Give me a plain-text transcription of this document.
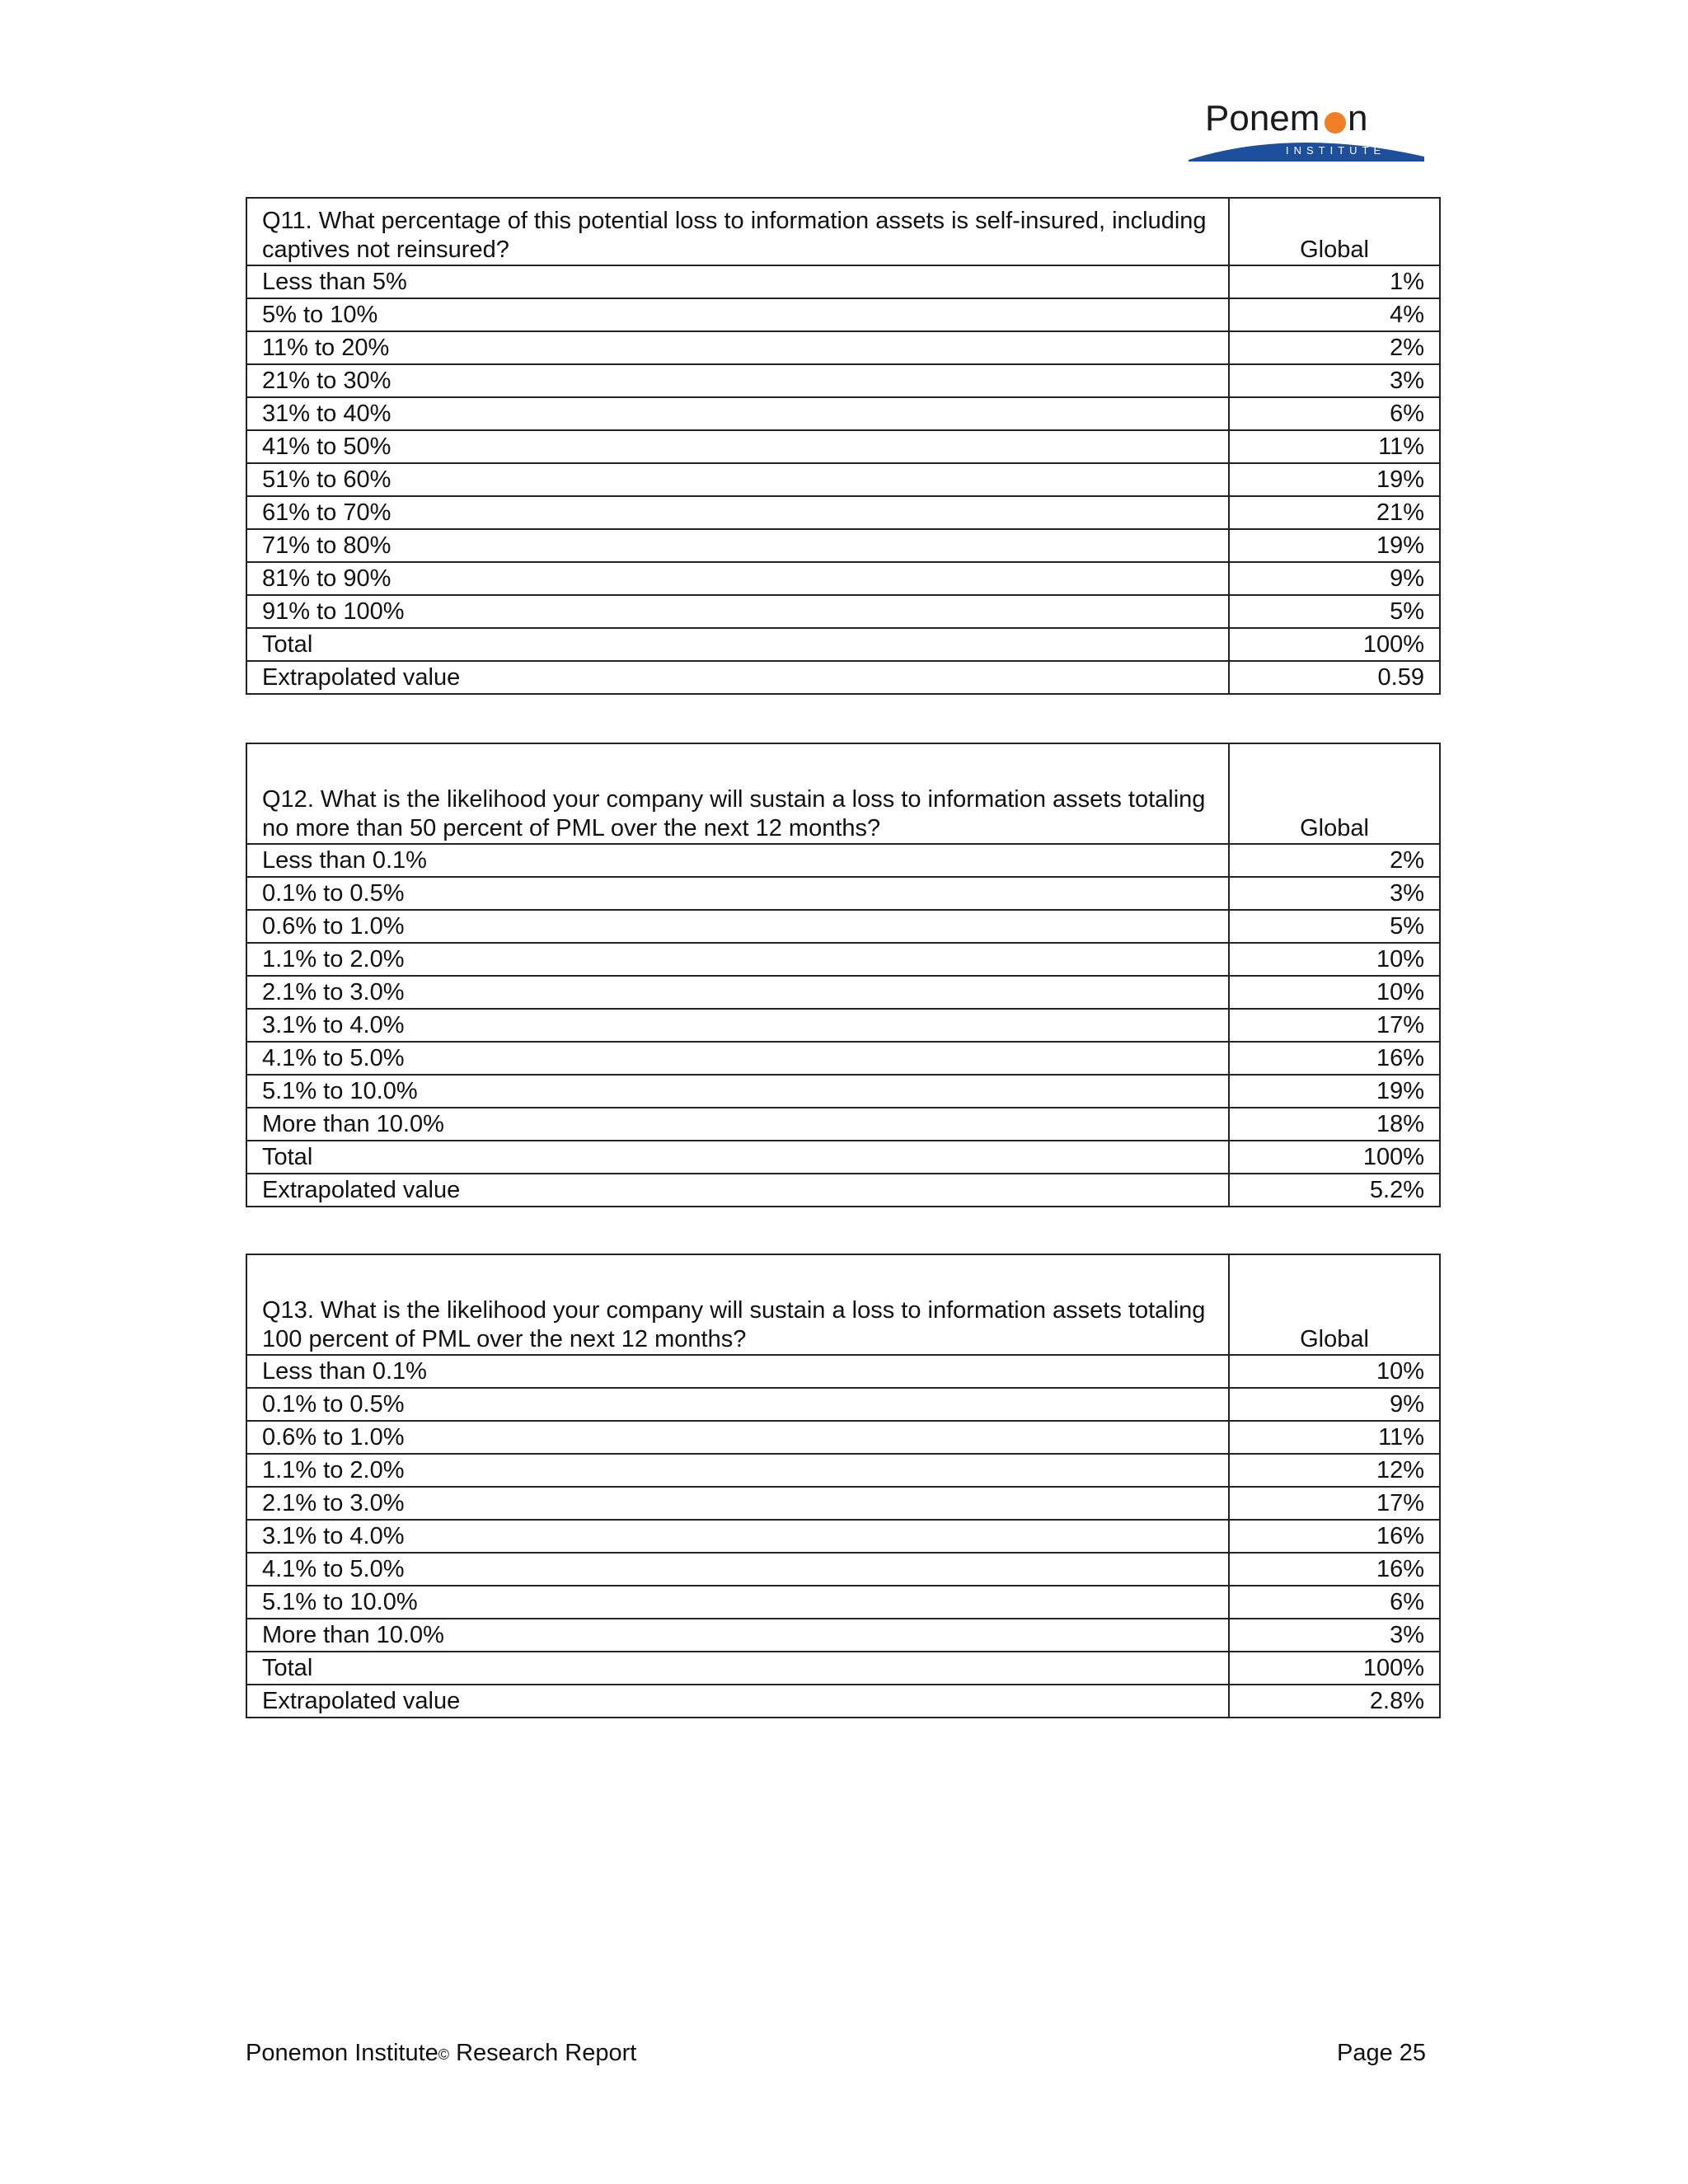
Ponem n
INSTITUTE
Q11. What percentage of this potential loss to information assets is self-insured, including captives not reinsured?	Global
Less than 5%	1%
5% to 10%	4%
11% to 20%	2%
21% to 30%	3%
31% to 40%	6%
41% to 50%	11%
51% to 60%	19%
61% to 70%	21%
71% to 80%	19%
81% to 90%	9%
91% to 100%	5%
Total	100%
Extrapolated value	0.59
Q12. What is the likelihood your company will sustain a loss to information assets totaling no more than 50 percent of PML over the next 12 months?	Global
Less than 0.1%	2%
0.1% to 0.5%	3%
0.6% to 1.0%	5%
1.1% to 2.0%	10%
2.1% to 3.0%	10%
3.1% to 4.0%	17%
4.1% to 5.0%	16%
5.1% to 10.0%	19%
More than 10.0%	18%
Total	100%
Extrapolated value	5.2%
Q13. What is the likelihood your company will sustain a loss to information assets totaling 100 percent of PML over the next 12 months?	Global
Less than 0.1%	10%
0.1% to 0.5%	9%
0.6% to 1.0%	11%
1.1% to 2.0%	12%
2.1% to 3.0%	17%
3.1% to 4.0%	16%
4.1% to 5.0%	16%
5.1% to 10.0%	6%
More than 10.0%	3%
Total	100%
Extrapolated value	2.8%
Ponemon Institute© Research Report	Page 25
